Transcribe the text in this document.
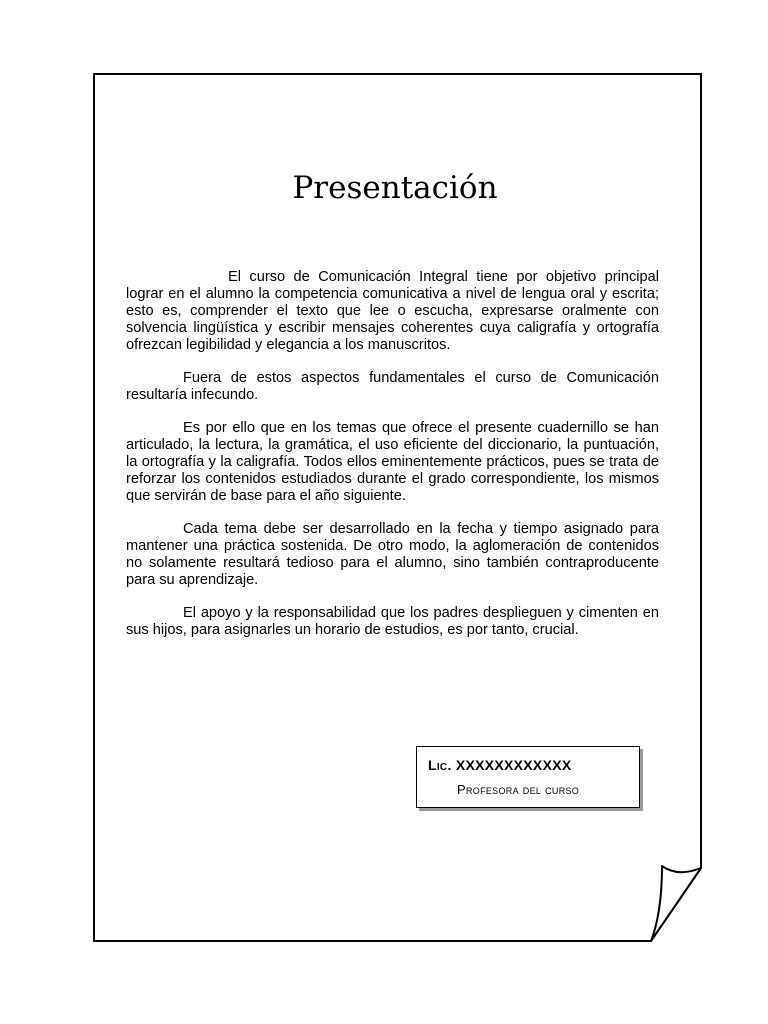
Presentación

El curso de Comunicación Integral tiene por objetivo principal lograr en el alumno la competencia comunicativa a nivel de lengua oral y escrita; esto es, comprender el texto que lee o escucha, expresarse oralmente con solvencia lingüística y escribir mensajes coherentes cuya caligrafía y ortografía ofrezcan legibilidad y elegancia a los manuscritos.

Fuera de estos aspectos fundamentales el curso de Comunicación resultaría infecundo.

Es por ello que en los temas que ofrece el presente cuadernillo se han articulado, la lectura, la gramática, el uso eficiente del diccionario, la puntuación, la ortografía y la caligrafía. Todos ellos eminentemente prácticos, pues se trata de reforzar los contenidos estudiados durante el grado correspondiente, los mismos que servirán de base para el año siguiente.

Cada tema debe ser desarrollado en la fecha y tiempo asignado para mantener una práctica sostenida. De otro modo, la aglomeración de contenidos no solamente resultará tedioso para el alumno, sino también contraproducente para su aprendizaje.

El apoyo y la responsabilidad que los padres desplieguen y cimenten en sus hijos, para asignarles un horario de estudios, es por tanto, crucial.

Lic. XXXXXXXXXXXX
Profesora del curso
